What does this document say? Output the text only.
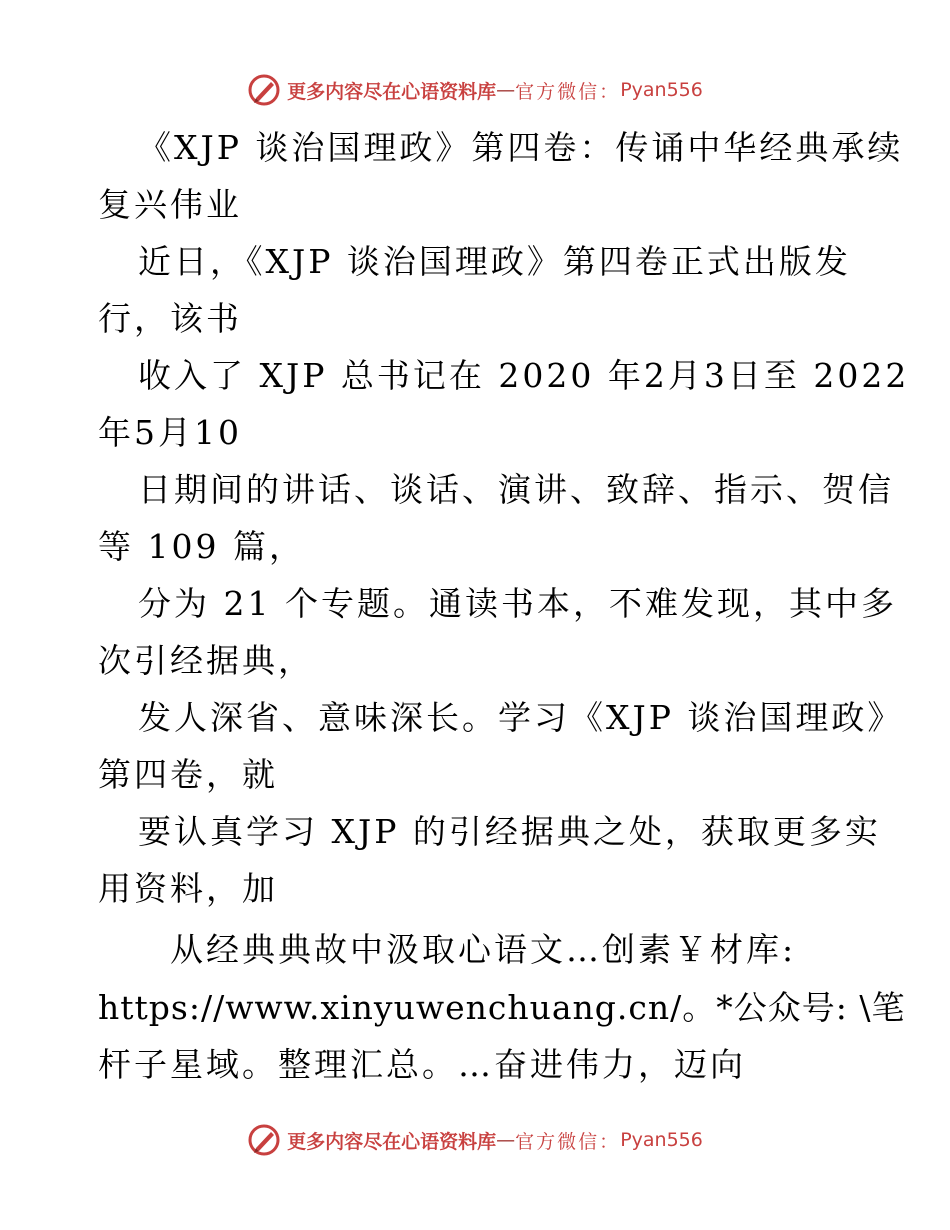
更多内容尽在心语资料库 — 官方微信： Pyan556
《XJP 谈治国理政》第四卷：传诵中华经典承续
复兴伟业
近日，《XJP 谈治国理政》第四卷正式出版发
行，该书
收入了 XJP 总书记在 2020 年2月3日至 2022
年5月10
日期间的讲话、谈话、演讲、致辞、指示、贺信
等 109 篇，
分为 21 个专题。通读书本，不难发现，其中多
次引经据典，
发人深省、意味深长。学习《XJP 谈治国理政》
第四卷，就
要认真学习 XJP 的引经据典之处，获取更多实
用资料，加
从经典典故中汲取心语文…创素￥材库:
https://www.xinyuwenchuang.cn/。*公众号: \笔
杆子星域。整理汇总。…奋进伟力，迈向
更多内容尽在心语资料库 — 官方微信： Pyan556
